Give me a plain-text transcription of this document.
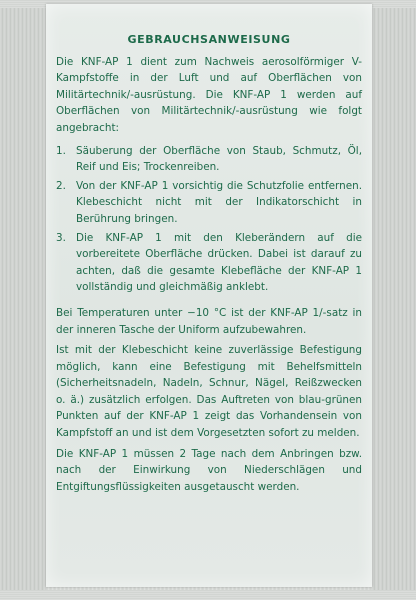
GEBRAUCHSANWEISUNG

Die KNF-AP 1 dient zum Nachweis aerosolförmiger V-Kampfstoffe in der Luft und auf Oberflächen von Militärtechnik/-ausrüstung. Die KNF-AP 1 werden auf Oberflächen von Militärtechnik/-ausrüstung wie folgt angebracht:

1. Säuberung der Oberfläche von Staub, Schmutz, Öl, Reif und Eis; Trockenreiben.
2. Von der KNF-AP 1 vorsichtig die Schutzfolie entfernen. Klebeschicht nicht mit der Indikatorschicht in Berührung bringen.
3. Die KNF-AP 1 mit den Kleberändern auf die vorbereitete Oberfläche drücken. Dabei ist darauf zu achten, daß die gesamte Klebefläche der KNF-AP 1 vollständig und gleichmäßig anklebt.

Bei Temperaturen unter −10 °C ist der KNF-AP 1/-satz in der inneren Tasche der Uniform aufzubewahren.

Ist mit der Klebeschicht keine zuverlässige Befestigung möglich, kann eine Befestigung mit Behelfsmitteln (Sicherheitsnadeln, Nadeln, Schnur, Nägel, Reißzwecken o. ä.) zusätzlich erfolgen. Das Auftreten von blau-grünen Punkten auf der KNF-AP 1 zeigt das Vorhandensein von Kampfstoff an und ist dem Vorgesetzten sofort zu melden.

Die KNF-AP 1 müssen 2 Tage nach dem Anbringen bzw. nach der Einwirkung von Niederschlägen und Entgiftungsflüssigkeiten ausgetauscht werden.
